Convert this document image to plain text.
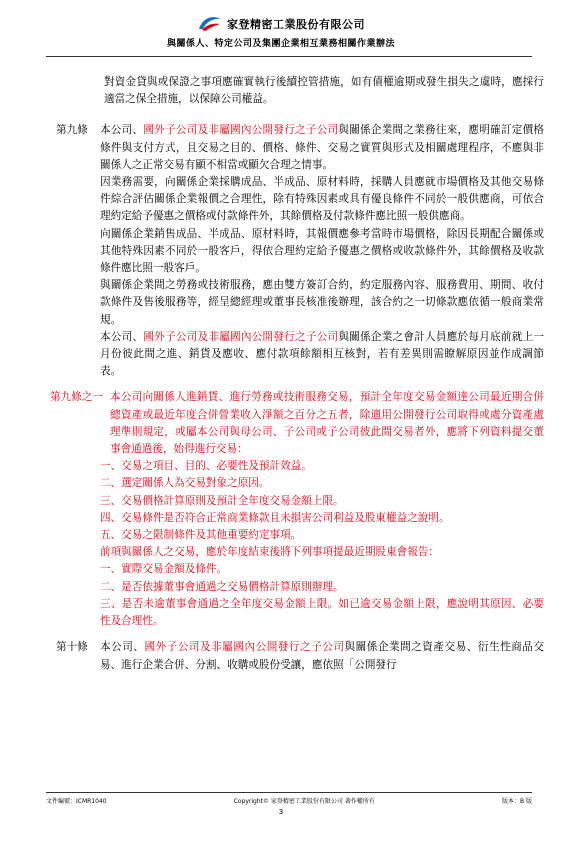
家登精密工業股份有限公司
與關係人、特定公司及集團企業相互業務相關作業辦法
對資金貸與或保證之事項應確實執行後續控管措施，如有債權逾期或發生損失之虞時，應採行適當之保全措施，以保障公司權益。
第九條	本公司、國外子公司及非屬國內公開發行之子公司與關係企業間之業務往來，應明確訂定價格條件與支付方式，且交易之目的、價格、條件、交易之實質與形式及相關處理程序，不應與非關係人之正常交易有顯不相當或顯欠合理之情事。
因業務需要，向關係企業採購成品、半成品、原材料時，採購人員應就市場價格及其他交易條件綜合評估關係企業報價之合理性，除有特殊因素或具有優良條件不同於一般供應商，可依合理約定給予優惠之價格或付款條件外，其餘價格及付款條件應比照一般供應商。
向關係企業銷售成品、半成品、原材料時，其報價應參考當時市場價格，除因長期配合關係或其他特殊因素不同於一般客戶，得依合理約定給予優惠之價格或收款條件外，其餘價格及收款條件應比照一般客戶。
與關係企業間之勞務或技術服務，應由雙方簽訂合約，約定服務內容、服務費用、期間、收付款條件及售後服務等，經呈總經理或董事長核准後辦理，該合約之一切條款應依循一般商業常規。
本公司、國外子公司及非屬國內公開發行之子公司與關係企業之會計人員應於每月底前就上一月份彼此間之進、銷貨及應收、應付款項餘額相互核對，若有差異則需瞭解原因並作成調節表。
第九條之一 本公司向關係人進銷貨、進行勞務或技術服務交易，預計全年度交易金額達公司最近期合併總資產或最近年度合併營業收入淨額之百分之五者，除適用公開發行公司取得或處分資產處理準則規定，或屬本公司與母公司、子公司或子公司彼此間交易者外，應將下列資料提交董事會通過後，始得進行交易：
一、交易之項目、目的、必要性及預計效益。
二、選定關係人為交易對象之原因。
三、交易價格計算原則及預計全年度交易金額上限。
四、交易條件是否符合正常商業條款且未損害公司利益及股東權益之說明。
五、交易之限制條件及其他重要約定事項。
前項與關係人之交易，應於年度結束後將下列事項提最近期股東會報告：
一、實際交易金額及條件。
二、是否依據董事會通過之交易價格計算原則辦理。
三、是否未逾董事會通過之全年度交易金額上限。如已逾交易金額上限，應說明其原因、必要性及合理性。
第十條	本公司、國外子公司及非屬國內公開發行之子公司與關係企業間之資產交易、衍生性商品交易、進行企業合併、分割、收購或股份受讓，應依照「公開發行
文件編號：ICMR1040	Copyright© 家登精密工業股份有限公司 著作權所有	版本：B 版
3
